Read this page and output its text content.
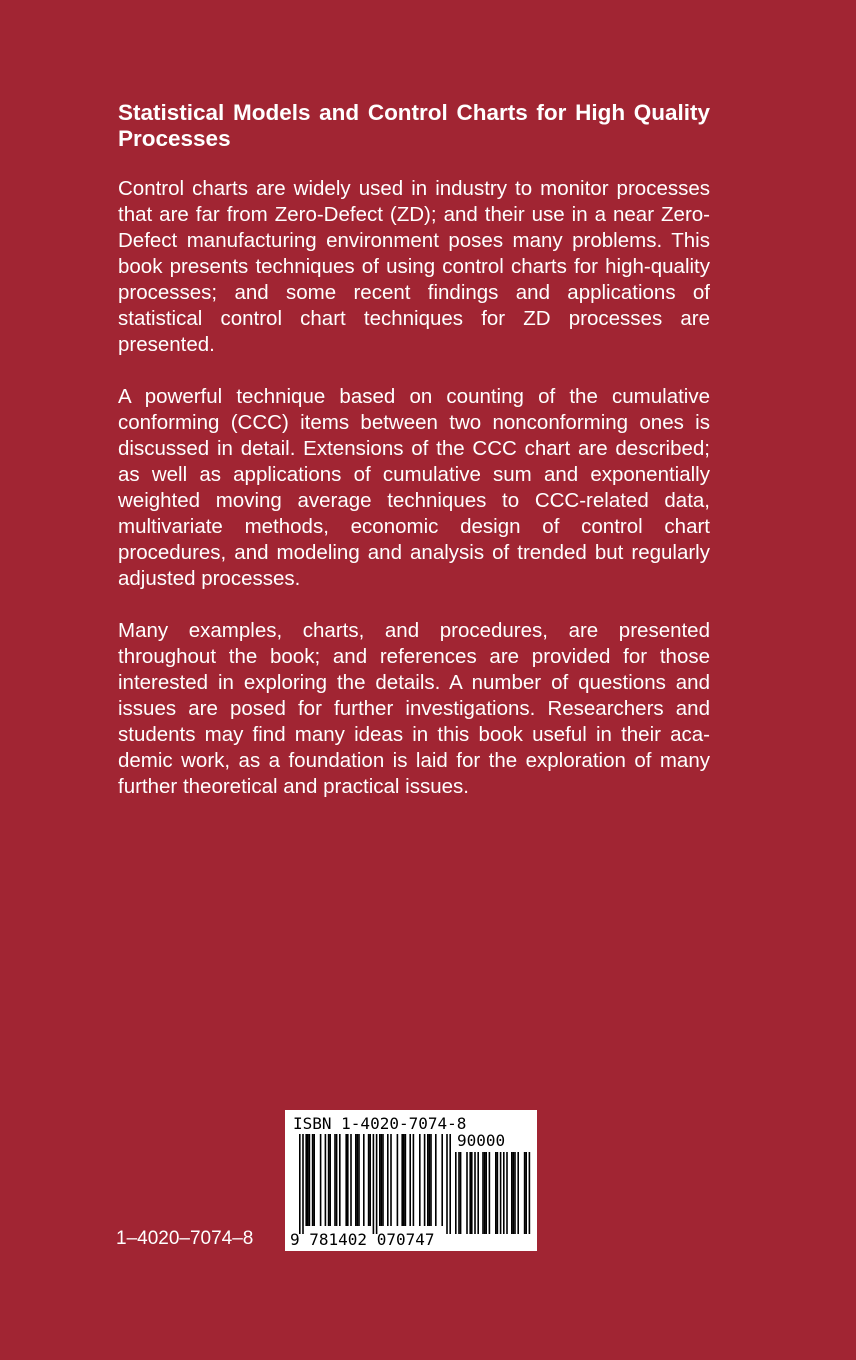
Statistical Models and Control Charts for High Quality Processes

Control charts are widely used in industry to monitor processes that are far from Zero-Defect (ZD); and their use in a near Zero-Defect manufacturing environment poses many problems. This book presents techniques of using control charts for high-quality processes; and some recent findings and applications of statistical control chart techniques for ZD processes are presented.

A powerful technique based on counting of the cumulative conforming (CCC) items between two nonconforming ones is discussed in detail. Extensions of the CCC chart are described; as well as applications of cumulative sum and exponentially weighted moving average techniques to CCC-​related data, multivariate methods, economic design of control chart procedures, and modeling and analysis of trended but regularly adjusted processes.

Many examples, charts, and procedures, are presented throughout the book; and references are provided for those interested in exploring the details. A number of questions and issues are posed for further investigations. Researchers and students may find many ideas in this book useful in their academic work, as a foundation is laid for the exploration of many further theoretical and practical issues.

1–4020–7074–8
ISBN 1-4020-7074-8
90000
9 781402 070747
